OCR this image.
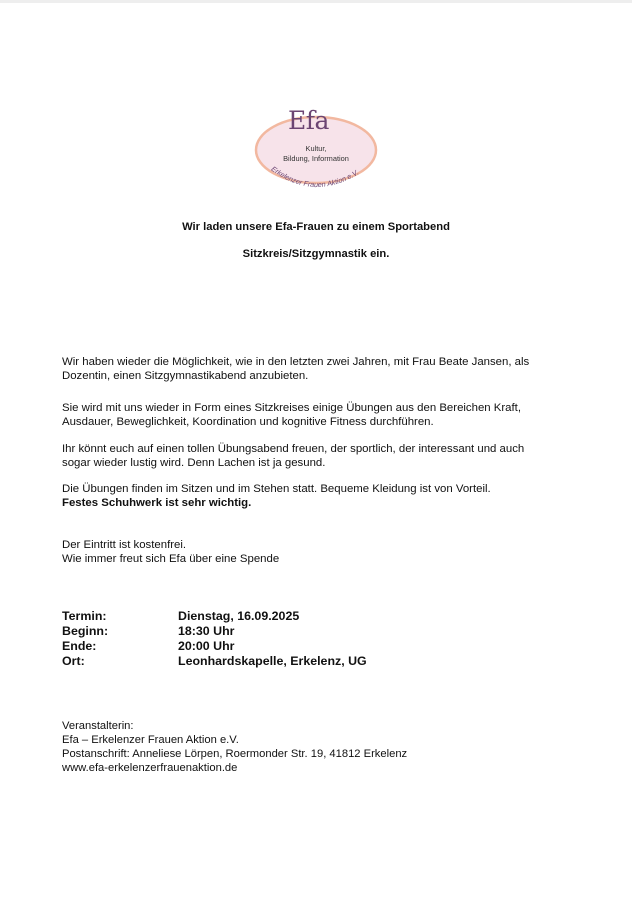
Erkelenzer Frauen Aktion e.V.
Efa
Kultur,
Bildung, Information
Wir laden unsere Efa-Frauen zu einem Sportabend
Sitzkreis/Sitzgymnastik ein.
Wir haben wieder die Möglichkeit, wie in den letzten zwei Jahren, mit Frau Beate Jansen, als
Dozentin, einen Sitzgymnastikabend anzubieten.
Sie wird mit uns wieder in Form eines Sitzkreises einige Übungen aus den Bereichen Kraft,
Ausdauer, Beweglichkeit, Koordination und kognitive Fitness durchführen.
Ihr könnt euch auf einen tollen Übungsabend freuen, der sportlich, der interessant und auch
sogar wieder lustig wird. Denn Lachen ist ja gesund.
Die Übungen finden im Sitzen und im Stehen statt. Bequeme Kleidung ist von Vorteil.
Festes Schuhwerk ist sehr wichtig.
Der Eintritt ist kostenfrei.
Wie immer freut sich Efa über eine Spende
Termin:	Dienstag, 16.09.2025
Beginn:	18:30 Uhr
Ende:	20:00 Uhr
Ort:	Leonhardskapelle, Erkelenz, UG
Veranstalterin:
Efa – Erkelenzer Frauen Aktion e.V.
Postanschrift: Anneliese Lörpen, Roermonder Str. 19, 41812 Erkelenz
www.efa-erkelenzerfrauenaktion.de
